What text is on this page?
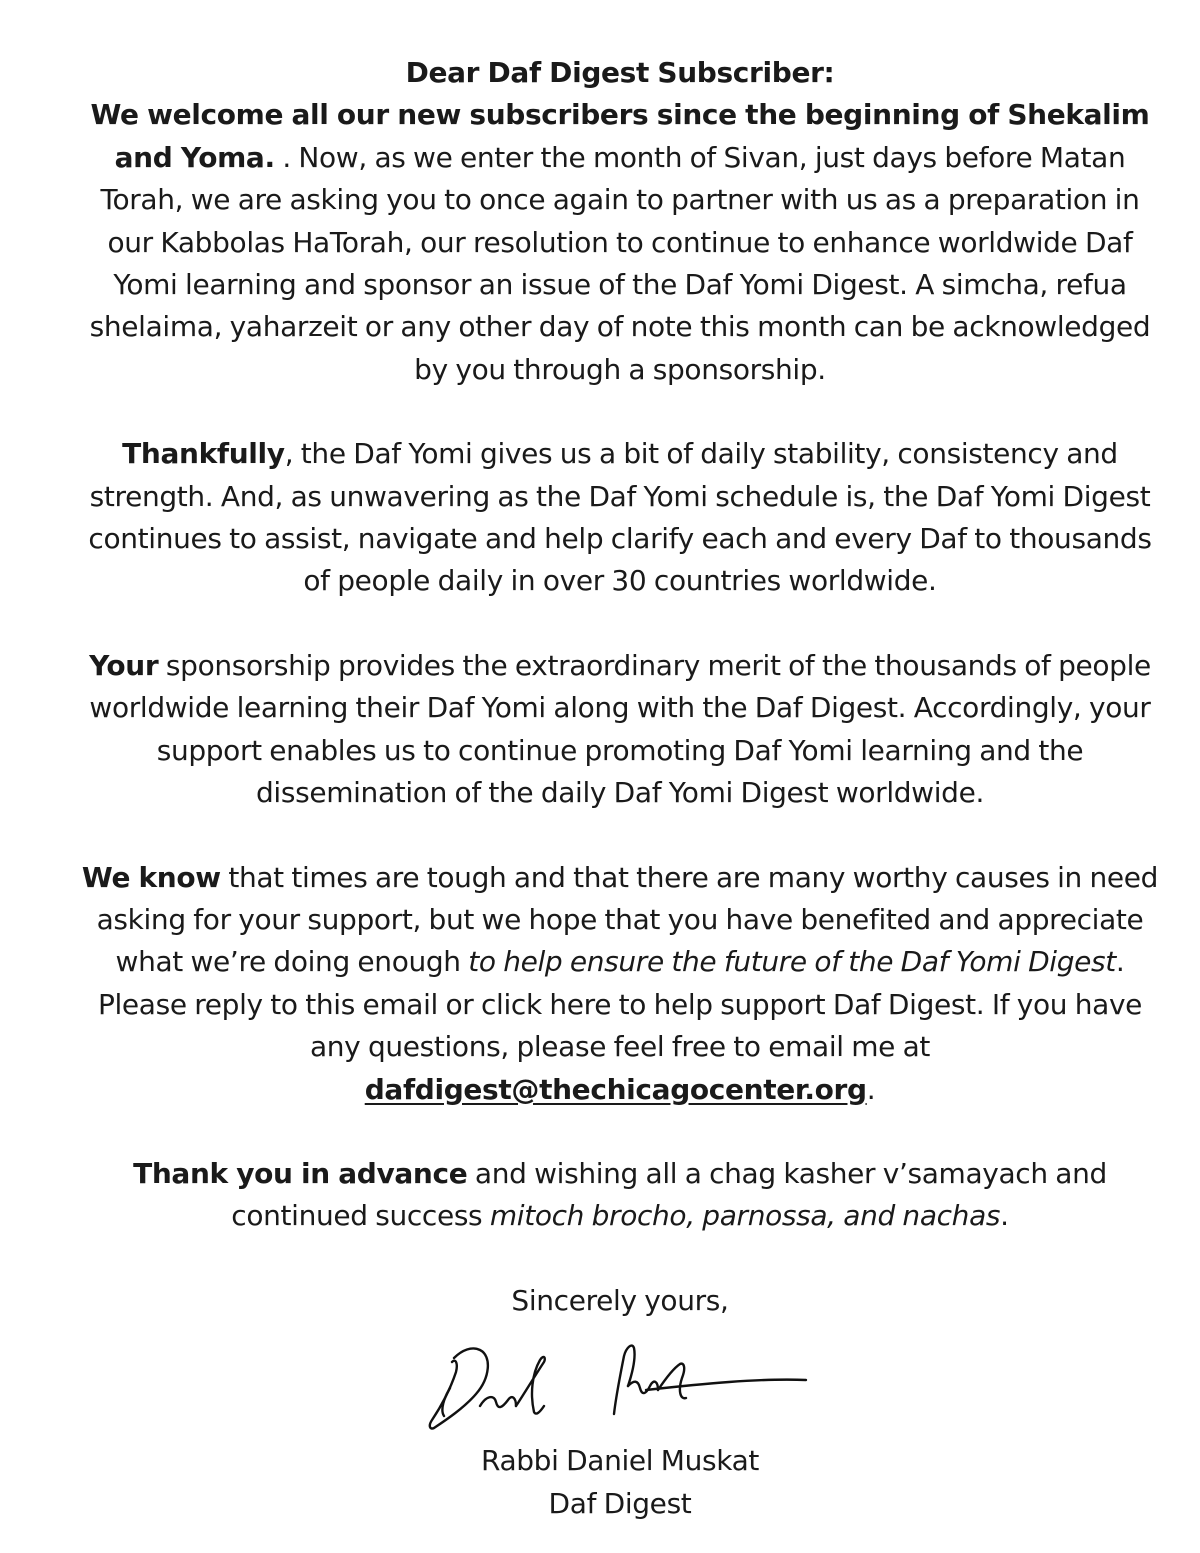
Dear Daf Digest Subscriber:

We welcome all our new subscribers since the beginning of Shekalim and Yoma. . Now, as we enter the month of Sivan, just days before Matan Torah, we are asking you to once again to partner with us as a preparation in our Kabbolas HaTorah, our resolution to continue to enhance worldwide Daf Yomi learning and sponsor an issue of the Daf Yomi Digest. A simcha, refua shelaima, yaharzeit or any other day of note this month can be acknowledged by you through a sponsorship.

Thankfully, the Daf Yomi gives us a bit of daily stability, consistency and strength. And, as unwavering as the Daf Yomi schedule is, the Daf Yomi Digest continues to assist, navigate and help clarify each and every Daf to thousands of people daily in over 30 countries worldwide.

Your sponsorship provides the extraordinary merit of the thousands of people worldwide learning their Daf Yomi along with the Daf Digest. Accordingly, your support enables us to continue promoting Daf Yomi learning and the dissemination of the daily Daf Yomi Digest worldwide.

We know that times are tough and that there are many worthy causes in need asking for your support, but we hope that you have benefited and appreciate what we’re doing enough to help ensure the future of the Daf Yomi Digest. Please reply to this email or click here to help support Daf Digest. If you have any questions, please feel free to email me at dafdigest@thechicagocenter.org.

Thank you in advance and wishing all a chag kasher v’samayach and continued success mitoch brocho, parnossa, and nachas.

Sincerely yours,

Rabbi Daniel Muskat

Daf Digest
